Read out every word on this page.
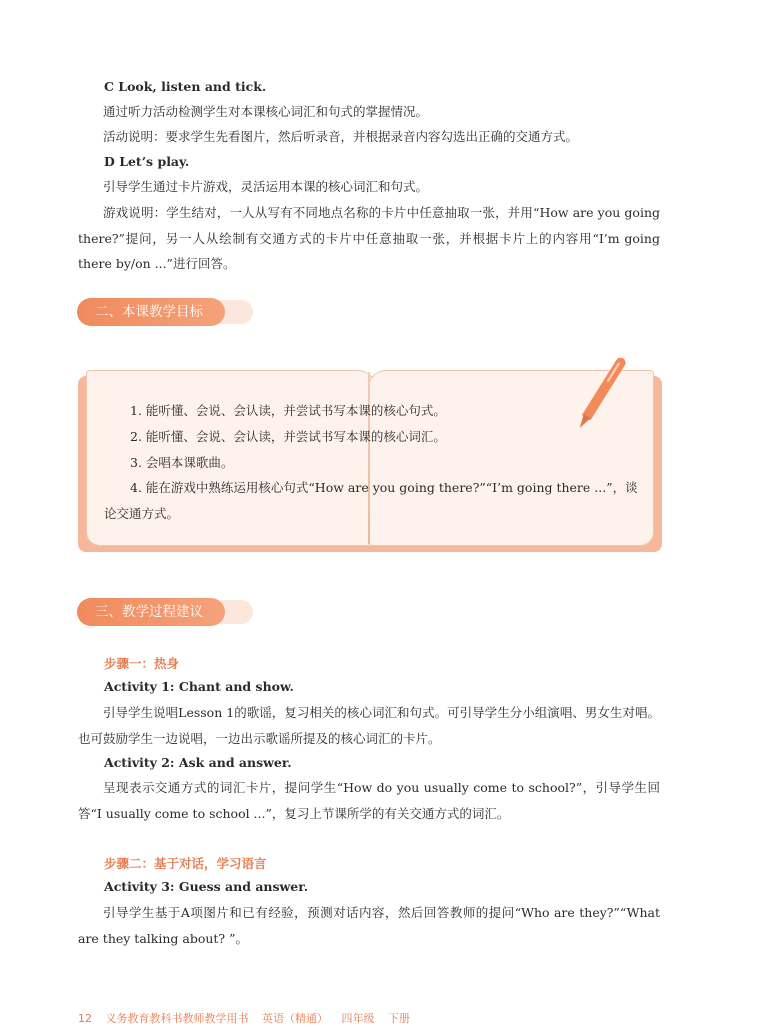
C Look, listen and tick.

通过听力活动检测学生对本课核心词汇和句式的掌握情况。

活动说明：要求学生先看图片，然后听录音，并根据录音内容勾选出正确的交通方式。

D Let’s play.

引导学生通过卡片游戏，灵活运用本课的核心词汇和句式。

游戏说明：学生结对，一人从写有不同地点名称的卡片中任意抽取一张，并用“How are you going there?”提问，另一人从绘制有交通方式的卡片中任意抽取一张，并根据卡片上的内容用“I’m going there by/on ...”进行回答。

二、本课教学目标

1. 能听懂、会说、会认读，并尝试书写本课的核心句式。

2. 能听懂、会说、会认读，并尝试书写本课的核心词汇。

3. 会唱本课歌曲。

4. 能在游戏中熟练运用核心句式“How are you going there?”“I’m going there ...”，谈论交通方式。

三、教学过程建议
步骤一：热身

Activity 1: Chant and show.

引导学生说唱Lesson 1的歌谣，复习相关的核心词汇和句式。可引导学生分小组演唱、男女生对唱。也可鼓励学生一边说唱，一边出示歌谣所提及的核心词汇的卡片。

Activity 2: Ask and answer.

呈现表示交通方式的词汇卡片，提问学生“How do you usually come to school?”，引导学生回答“I usually come to school ...”，复习上节课所学的有关交通方式的词汇。

步骤二：基于对话，学习语言

Activity 3: Guess and answer.

引导学生基于A项图片和已有经验，预测对话内容，然后回答教师的提问“Who are they?”“What are they talking about? ”。

12 义务教育教科书教师教学用书 英语（精通） 四年级 下册
